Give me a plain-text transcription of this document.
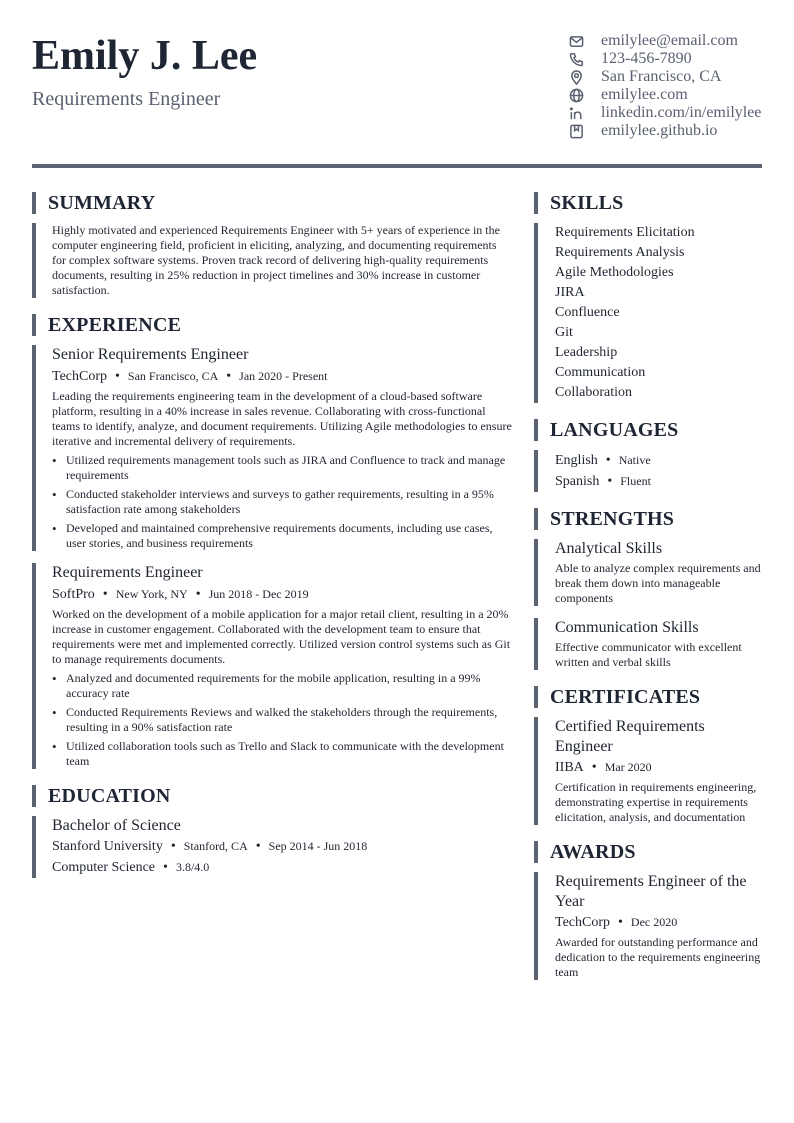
Emily J. Lee
Requirements Engineer
emilylee@email.com
123-456-7890
San Francisco, CA
emilylee.com
linkedin.com/in/emilylee
emilylee.github.io
SUMMARY
Highly motivated and experienced Requirements Engineer with 5+ years of experience in the computer engineering field, proficient in eliciting, analyzing, and documenting requirements for complex software systems. Proven track record of delivering high-quality requirements documents, resulting in 25% reduction in project timelines and 30% increase in customer satisfaction.
EXPERIENCE
Senior Requirements Engineer
TechCorp • San Francisco, CA • Jan 2020 - Present
Leading the requirements engineering team in the development of a cloud-based software platform, resulting in a 40% increase in sales revenue. Collaborating with cross-functional teams to identify, analyze, and document requirements. Utilizing Agile methodologies to ensure iterative and incremental delivery of requirements.
• Utilized requirements management tools such as JIRA and Confluence to track and manage requirements
• Conducted stakeholder interviews and surveys to gather requirements, resulting in a 95% satisfaction rate among stakeholders
• Developed and maintained comprehensive requirements documents, including use cases, user stories, and business requirements
Requirements Engineer
SoftPro • New York, NY • Jun 2018 - Dec 2019
Worked on the development of a mobile application for a major retail client, resulting in a 20% increase in customer engagement. Collaborated with the development team to ensure that requirements were met and implemented correctly. Utilized version control systems such as Git to manage requirements documents.
• Analyzed and documented requirements for the mobile application, resulting in a 99% accuracy rate
• Conducted Requirements Reviews and walked the stakeholders through the requirements, resulting in a 90% satisfaction rate
• Utilized collaboration tools such as Trello and Slack to communicate with the development team
EDUCATION
Bachelor of Science
Stanford University • Stanford, CA • Sep 2014 - Jun 2018
Computer Science • 3.8/4.0
SKILLS
Requirements Elicitation
Requirements Analysis
Agile Methodologies
JIRA
Confluence
Git
Leadership
Communication
Collaboration
LANGUAGES
English • Native
Spanish • Fluent
STRENGTHS
Analytical Skills
Able to analyze complex requirements and break them down into manageable components
Communication Skills
Effective communicator with excellent written and verbal skills
CERTIFICATES
Certified Requirements Engineer
IIBA • Mar 2020
Certification in requirements engineering, demonstrating expertise in requirements elicitation, analysis, and documentation
AWARDS
Requirements Engineer of the Year
TechCorp • Dec 2020
Awarded for outstanding performance and dedication to the requirements engineering team
